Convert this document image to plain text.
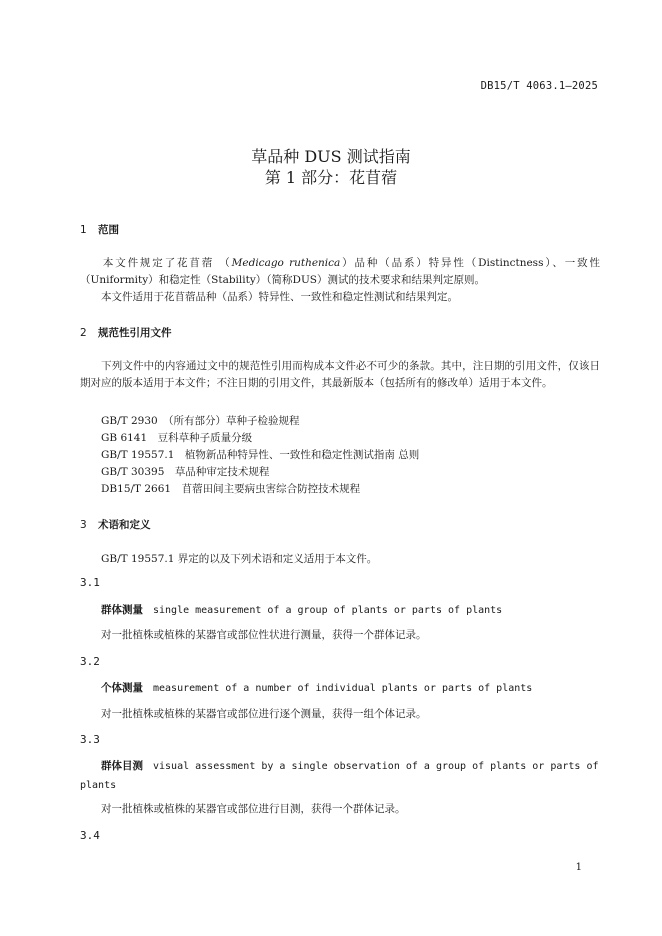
DB15/T 4063.1—2025
草品种 DUS 测试指南
第 1 部分：花苜蓿
1 范围
本文件规定了花苜蓿 （Medicago ruthenica）品种（品系）特异性（Distinctness）、一致性（Uniformity）和稳定性（Stability）（简称DUS）测试的技术要求和结果判定原则。
本文件适用于花苜蓿品种（品系）特异性、一致性和稳定性测试和结果判定。
2 规范性引用文件
下列文件中的内容通过文中的规范性引用而构成本文件必不可少的条款。其中，注日期的引用文件，仅该日期对应的版本适用于本文件；不注日期的引用文件，其最新版本（包括所有的修改单）适用于本文件。
GB/T 2930　（所有部分）草种子检验规程
GB 6141　豆科草种子质量分级
GB/T 19557.1　植物新品种特异性、一致性和稳定性测试指南 总则
GB/T 30395　草品种审定技术规程
DB15/T 2661　苜蓿田间主要病虫害综合防控技术规程
3 术语和定义
GB/T 19557.1 界定的以及下列术语和定义适用于本文件。
3.1
群体测量 single measurement of a group of plants or parts of plants
对一批植株或植株的某器官或部位性状进行测量，获得一个群体记录。
3.2
个体测量 measurement of a number of individual plants or parts of plants
对一批植株或植株的某器官或部位进行逐个测量，获得一组个体记录。
3.3
群体目测 visual assessment by a single observation of a group of plants or parts of plants
对一批植株或植株的某器官或部位进行目测，获得一个群体记录。
3.4
1
